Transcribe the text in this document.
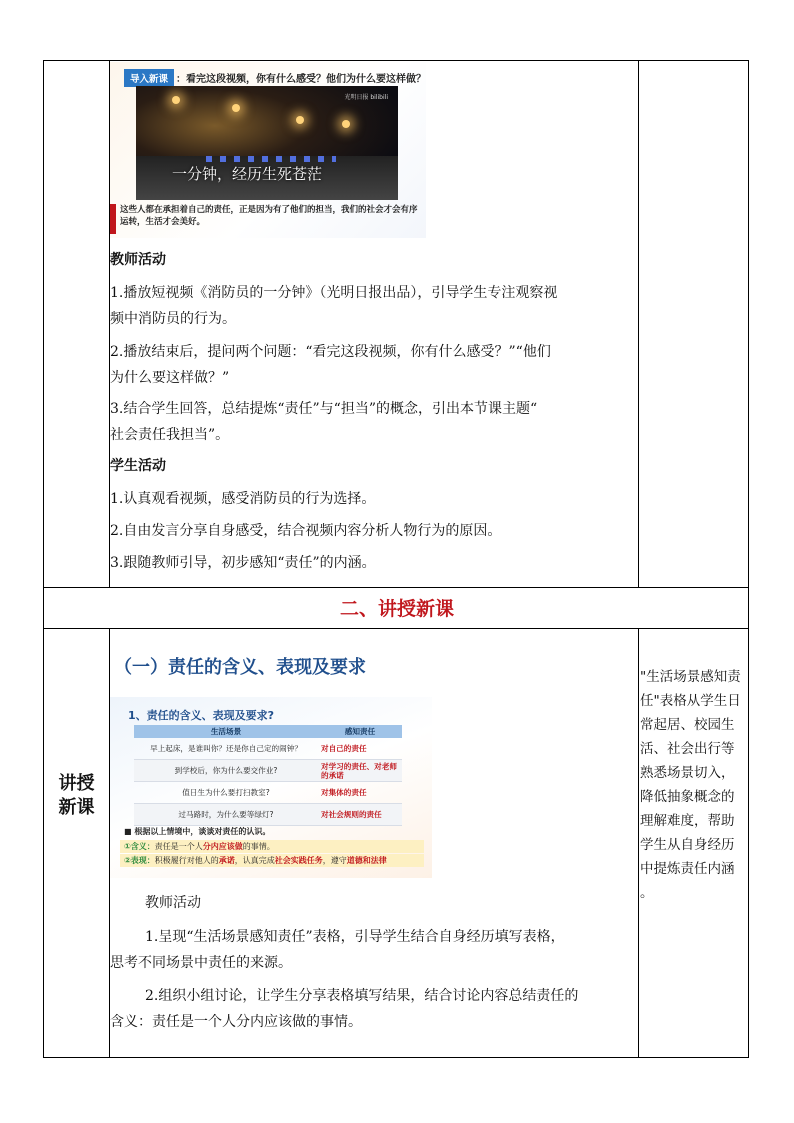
导入新课 ：看完这段视频，你有什么感受？他们为什么要这样做？
一分钟，经历生死苍茫
光明日报 bilibili
这些人都在承担着自己的责任，正是因为有了他们的担当，我们的社会才会有序运转，生活才会美好。
教师活动
1.播放短视频《消防员的一分钟》（光明日报出品），引导学生专注观察视
频中消防员的行为。
2.播放结束后，提问两个问题：“看完这段视频，你有什么感受？”“他们
为什么要这样做？”
3.结合学生回答，总结提炼“责任”与“担当”的概念，引出本节课主题“
社会责任我担当”。
学生活动
1.认真观看视频，感受消防员的行为选择。
2.自由发言分享自身感受，结合视频内容分析人物行为的原因。
3.跟随教师引导，初步感知“责任”的内涵。
二、讲授新课
讲授
新课
（一）责任的含义、表现及要求
1、责任的含义、表现及要求?
生活场景	感知责任
早上起床，是谁叫你？还是你自己定的闹钟？	对自己的责任
到学校后，你为什么要交作业?	对学习的责任、对老师的承诺
值日生为什么要打扫教室?	对集体的责任
过马路时，为什么要等绿灯?	对社会规则的责任
■ 根据以上情境中，谈谈对责任的认识。
①含义：责任是一个人分内应该做的事情。
②表现：积极履行对他人的承诺，认真完成社会实践任务，遵守道德和法律
教师活动
1.呈现“生活场景感知责任”表格，引导学生结合自身经历填写表格，
思考不同场景中责任的来源。
2.组织小组讨论，让学生分享表格填写结果，结合讨论内容总结责任的
含义：责任是一个人分内应该做的事情。
"生活场景感知责
任"表格从学生日
常起居、校园生
活、社会出行等
熟悉场景切入，
降低抽象概念的
理解难度，帮助
学生从自身经历
中提炼责任内涵
。
